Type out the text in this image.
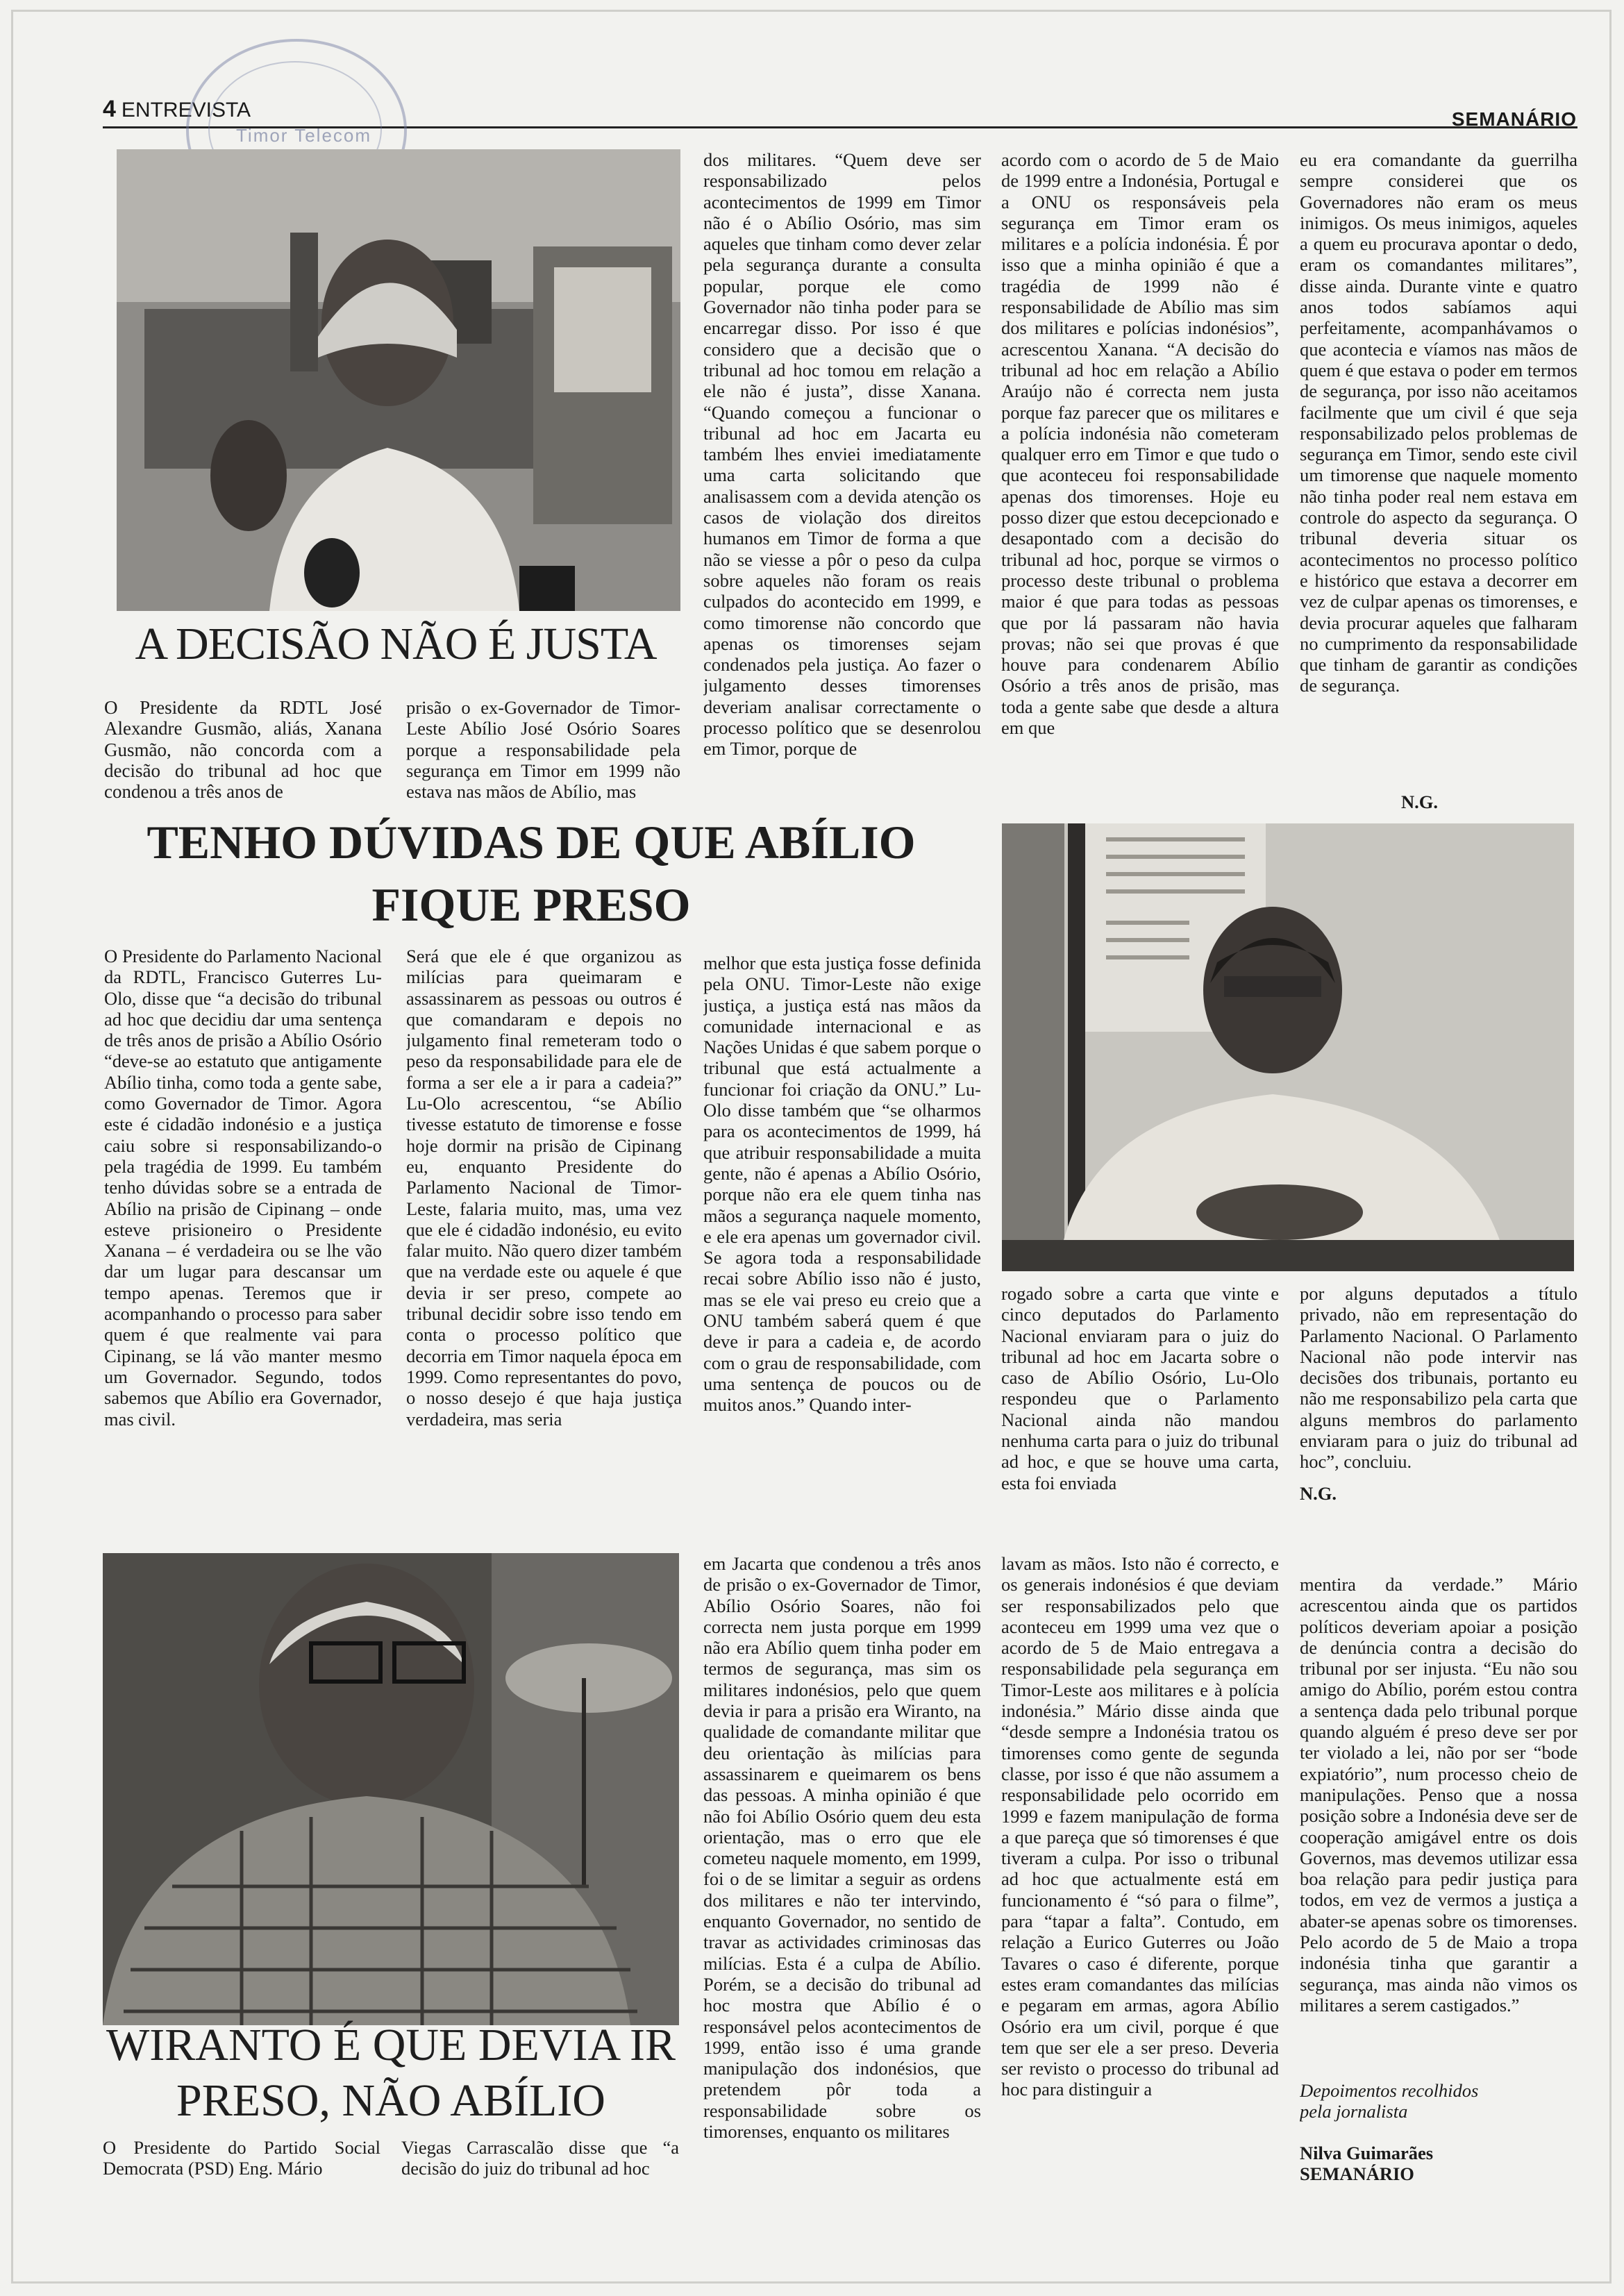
4 ENTREVISTA	SEMANÁRIO
Timor Telecom
A DECISÃO NÃO É JUSTA

O Presidente da RDTL José Alexandre Gusmão, aliás, Xanana Gusmão, não concorda com a decisão do tribunal ad hoc que condenou a três anos de

prisão o ex-Governador de Timor-Leste Abílio José Osório Soares porque a responsabilidade pela segurança em Timor em 1999 não estava nas mãos de Abílio, mas

dos militares. “Quem deve ser responsabilizado pelos acontecimentos de 1999 em Timor não é o Abílio Osório, mas sim aqueles que tinham como dever zelar pela segurança durante a consulta popular, porque ele como Governador não tinha poder para se encarregar disso. Por isso é que considero que a decisão que o tribunal ad hoc tomou em relação a ele não é justa”, disse Xanana. “Quando começou a funcionar o tribunal ad hoc em Jacarta eu também lhes enviei imediatamente uma carta solicitando que analisassem com a devida atenção os casos de violação dos direitos humanos em Timor de forma a que não se viesse a pôr o peso da culpa sobre aqueles não foram os reais culpados do acontecido em 1999, e como timorense não concordo que apenas os timorenses sejam condenados pela justiça. Ao fazer o julgamento desses timorenses deveriam analisar correctamente o processo político que se desenrolou em Timor, porque de

acordo com o acordo de 5 de Maio de 1999 entre a Indonésia, Portugal e a ONU os responsáveis pela segurança em Timor eram os militares e a polícia indonésia. É por isso que a minha opinião é que a tragédia de 1999 não é responsabilidade de Abílio mas sim dos militares e polícias indonésios”, acrescentou Xanana. “A decisão do tribunal ad hoc em relação a Abílio Araújo não é correcta nem justa porque faz parecer que os militares e a polícia indonésia não cometeram qualquer erro em Timor e que tudo o que aconteceu foi responsabilidade apenas dos timorenses. Hoje eu posso dizer que estou decepcionado e desapontado com a decisão do tribunal ad hoc, porque se virmos o processo deste tribunal o problema maior é que para todas as pessoas que por lá passaram não havia provas; não sei que provas é que houve para condenarem Abílio Osório a três anos de prisão, mas toda a gente sabe que desde a altura em que

eu era comandante da guerrilha sempre considerei que os Governadores não eram os meus inimigos. Os meus inimigos, aqueles a quem eu procurava apontar o dedo, eram os comandantes militares”, disse ainda. Durante vinte e quatro anos todos sabíamos aqui perfeitamente, acompanhávamos o que acontecia e víamos nas mãos de quem é que estava o poder em termos de segurança, por isso não aceitamos facilmente que um civil é que seja responsabilizado pelos problemas de segurança em Timor, sendo este civil um timorense que naquele momento não tinha poder real nem estava em controle do aspecto da segurança. O tribunal deveria situar os acontecimentos no processo político e histórico que estava a decorrer em vez de culpar apenas os timorenses, e devia procurar aqueles que falharam no cumprimento da responsabilidade que tinham de garantir as condições de segurança.

N.G.
TENHO DÚVIDAS DE QUE ABÍLIO
FIQUE PRESO

O Presidente do Parlamento Nacional da RDTL, Francisco Guterres Lu-Olo, disse que “a decisão do tribunal ad hoc que decidiu dar uma sentença de três anos de prisão a Abílio Osório “deve-se ao estatuto que antigamente Abílio tinha, como toda a gente sabe, como Governador de Timor. Agora este é cidadão indonésio e a justiça caiu sobre si responsabilizando-o pela tragédia de 1999. Eu também tenho dúvidas sobre se a entrada de Abílio na prisão de Cipinang – onde esteve prisioneiro o Presidente Xanana – é verdadeira ou se lhe vão dar um lugar para descansar um tempo apenas. Teremos que ir acompanhando o processo para saber quem é que realmente vai para Cipinang, se lá vão manter mesmo um Governador. Segundo, todos sabemos que Abílio era Governador, mas civil.

Será que ele é que organizou as milícias para queimaram e assassinarem as pessoas ou outros é que comandaram e depois no julgamento final remeteram todo o peso da responsabilidade para ele de forma a ser ele a ir para a cadeia?” Lu-Olo acrescentou, “se Abílio tivesse estatuto de timorense e fosse hoje dormir na prisão de Cipinang eu, enquanto Presidente do Parlamento Nacional de Timor-Leste, falaria muito, mas, uma vez que ele é cidadão indonésio, eu evito falar muito. Não quero dizer também que na verdade este ou aquele é que devia ir ser preso, compete ao tribunal decidir sobre isso tendo em conta o processo político que decorria em Timor naquela época em 1999. Como representantes do povo, o nosso desejo é que haja justiça verdadeira, mas seria

melhor que esta justiça fosse definida pela ONU. Timor-Leste não exige justiça, a justiça está nas mãos da comunidade internacional e as Nações Unidas é que sabem porque o tribunal que está actualmente a funcionar foi criação da ONU.” Lu-Olo disse também que “se olharmos para os acontecimentos de 1999, há que atribuir responsabilidade a muita gente, não é apenas a Abílio Osório, porque não era ele quem tinha nas mãos a segurança naquele momento, e ele era apenas um governador civil. Se agora toda a responsabilidade recai sobre Abílio isso não é justo, mas se ele vai preso eu creio que a ONU também saberá quem é que deve ir para a cadeia e, de acordo com o grau de responsabilidade, com uma sentença de poucos ou de muitos anos.” Quando inter-

rogado sobre a carta que vinte e cinco deputados do Parlamento Nacional enviaram para o juiz do tribunal ad hoc em Jacarta sobre o caso de Abílio Osório, Lu-Olo respondeu que o Parlamento Nacional ainda não mandou nenhuma carta para o juiz do tribunal ad hoc, e que se houve uma carta, esta foi enviada

por alguns deputados a título privado, não em representação do Parlamento Nacional. O Parlamento Nacional não pode intervir nas decisões dos tribunais, portanto eu não me responsabilizo pela carta que alguns membros do parlamento enviaram para o juiz do tribunal ad hoc”, concluiu.

N.G.
WIRANTO É QUE DEVIA IR
PRESO, NÃO ABÍLIO

O Presidente do Partido Social Democrata (PSD) Eng. Mário

Viegas Carrascalão disse que “a decisão do juiz do tribunal ad hoc

em Jacarta que condenou a três anos de prisão o ex-Governador de Timor, Abílio Osório Soares, não foi correcta nem justa porque em 1999 não era Abílio quem tinha poder em termos de segurança, mas sim os militares indonésios, pelo que quem devia ir para a prisão era Wiranto, na qualidade de comandante militar que deu orientação às milícias para assassinarem e queimarem os bens das pessoas. A minha opinião é que não foi Abílio Osório quem deu esta orientação, mas o erro que ele cometeu naquele momento, em 1999, foi o de se limitar a seguir as ordens dos militares e não ter intervindo, enquanto Governador, no sentido de travar as actividades criminosas das milícias. Esta é a culpa de Abílio. Porém, se a decisão do tribunal ad hoc mostra que Abílio é o responsável pelos acontecimentos de 1999, então isso é uma grande manipulação dos indonésios, que pretendem pôr toda a responsabilidade sobre os timorenses, enquanto os militares

lavam as mãos. Isto não é correcto, e os generais indonésios é que deviam ser responsabilizados pelo que aconteceu em 1999 uma vez que o acordo de 5 de Maio entregava a responsabilidade pela segurança em Timor-Leste aos militares e à polícia indonésia.” Mário disse ainda que “desde sempre a Indonésia tratou os timorenses como gente de segunda classe, por isso é que não assumem a responsabilidade pelo ocorrido em 1999 e fazem manipulação de forma a que pareça que só timorenses é que tiveram a culpa. Por isso o tribunal ad hoc que actualmente está em funcionamento é “só para o filme”, para “tapar a falta”. Contudo, em relação a Eurico Guterres ou João Tavares o caso é diferente, porque estes eram comandantes das milícias e pegaram em armas, agora Abílio Osório era um civil, porque é que tem que ser ele a ser preso. Deveria ser revisto o processo do tribunal ad hoc para distinguir a

mentira da verdade.” Mário acrescentou ainda que os partidos políticos deveriam apoiar a posição de denúncia contra a decisão do tribunal por ser injusta. “Eu não sou amigo do Abílio, porém estou contra a sentença dada pelo tribunal porque quando alguém é preso deve ser por ter violado a lei, não por ser “bode expiatório”, num processo cheio de manipulações. Penso que a nossa posição sobre a Indonésia deve ser de cooperação amigável entre os dois Governos, mas devemos utilizar essa boa relação para pedir justiça para todos, em vez de vermos a justiça a abater-se apenas sobre os timorenses. Pelo acordo de 5 de Maio a tropa indonésia tinha que garantir a segurança, mas ainda não vimos os militares a serem castigados.”

Depoimentos recolhidos
pela jornalista
Nilva Guimarães
SEMANÁRIO
